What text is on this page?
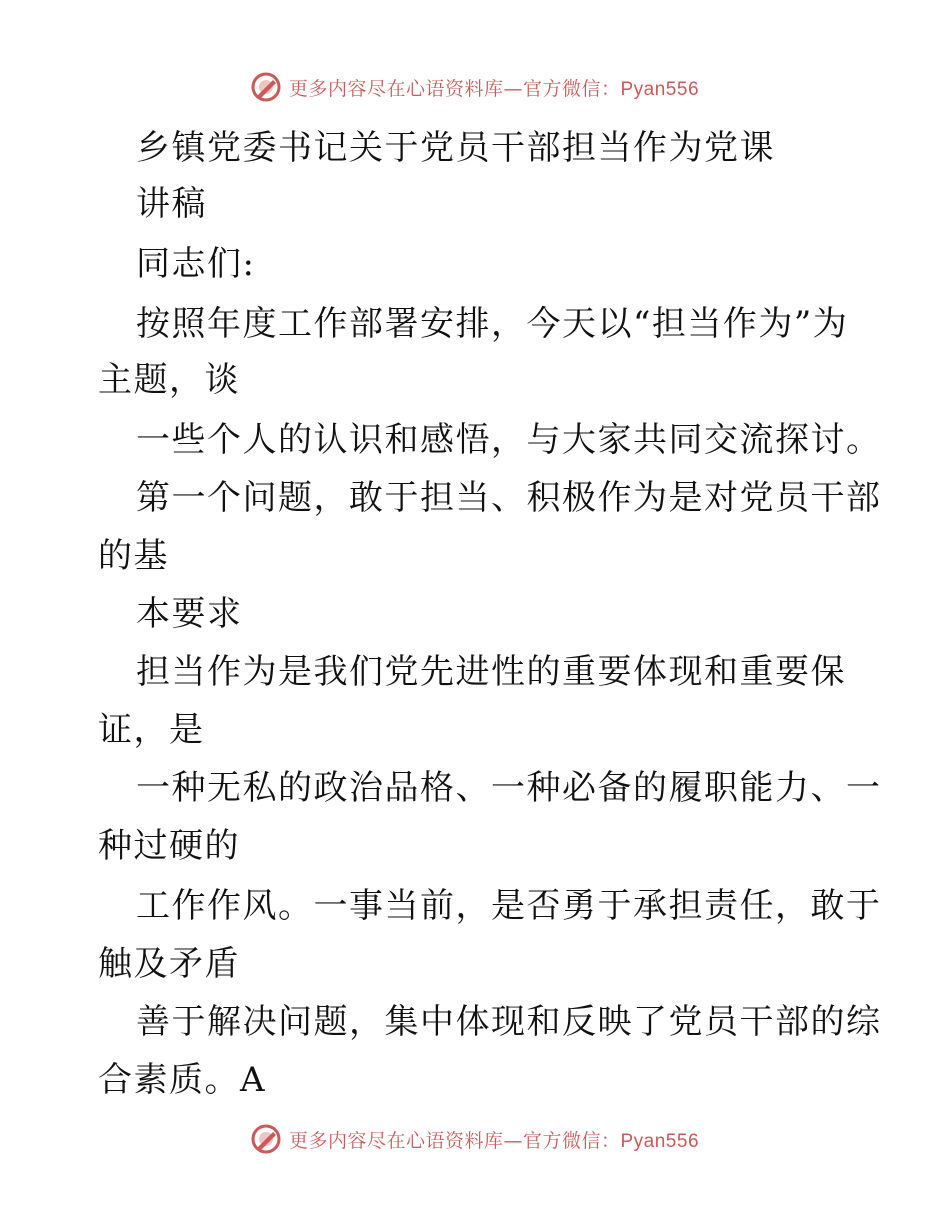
更多内容尽在心语资料库—官方微信：Pyan556
乡镇党委书记关于党员干部担当作为党课
讲稿
同志们:
按照年度工作部署安排，今天以“担当作为”为
主题，谈
一些个人的认识和感悟，与大家共同交流探讨。
第一个问题，敢于担当、积极作为是对党员干部
的基
本要求
担当作为是我们党先进性的重要体现和重要保
证，是
一种无私的政治品格、一种必备的履职能力、一
种过硬的
工作作风。一事当前，是否勇于承担责任，敢于
触及矛盾
善于解决问题，集中体现和反映了党员干部的综
合素质。A
更多内容尽在心语资料库—官方微信：Pyan556
